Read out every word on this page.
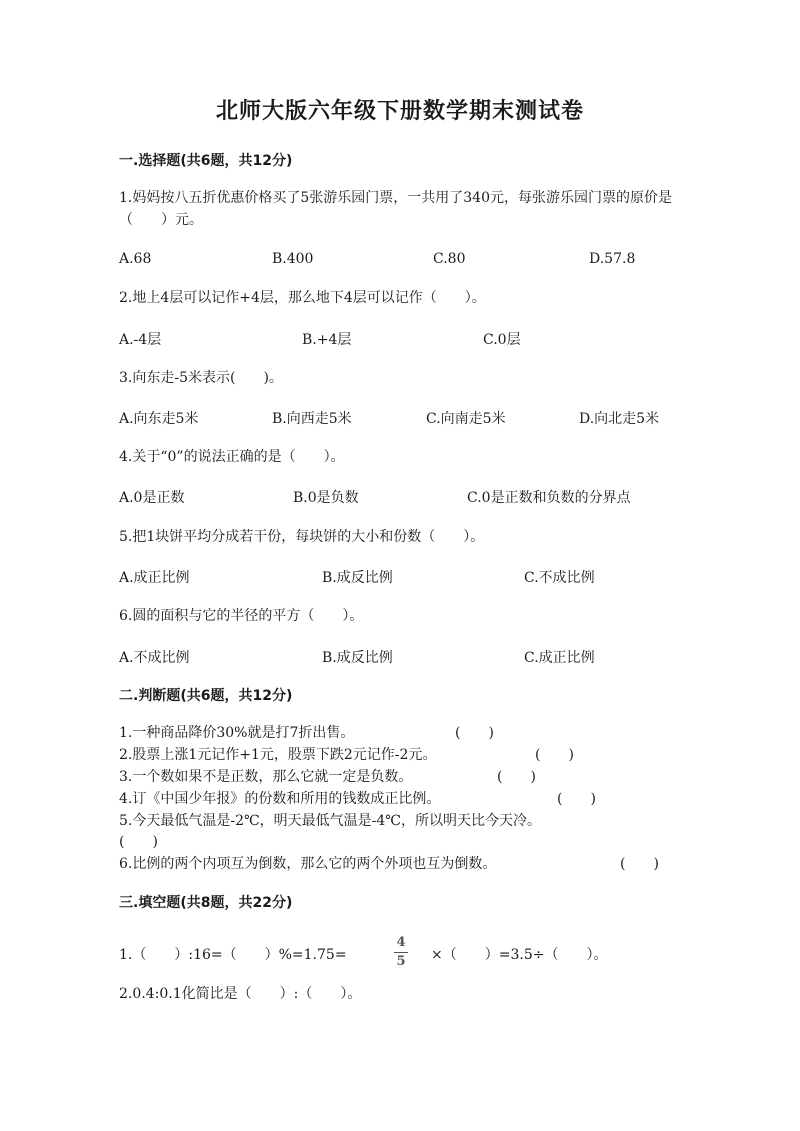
北师大版六年级下册数学期末测试卷
一.选择题(共6题，共12分)
1.妈妈按八五折优惠价格买了5张游乐园门票，一共用了340元，每张游乐园门票的原价是（　　）元。
A.68	B.400	C.80	D.57.8
2.地上4层可以记作+4层，那么地下4层可以记作（　　）。
A.-4层	B.+4层	C.0层
3.向东走-5米表示(　　)。
A.向东走5米	B.向西走5米	C.向南走5米	D.向北走5米
4.关于“0”的说法正确的是（　　）。
A.0是正数	B.0是负数	C.0是正数和负数的分界点
5.把1块饼平均分成若干份，每块饼的大小和份数（　　）。
A.成正比例	B.成反比例	C.不成比例
6.圆的面积与它的半径的平方（　　）。
A.不成比例	B.成反比例	C.成正比例
二.判断题(共6题，共12分)
1.一种商品降价30%就是打7折出售。	(　　)
2.股票上涨1元记作+1元，股票下跌2元记作-2元。	(　　)
3.一个数如果不是正数，那么它就一定是负数。	(　　)
4.订《中国少年报》的份数和所用的钱数成正比例。	(　　)
5.今天最低气温是-2℃，明天最低气温是-4℃，所以明天比今天冷。
(　　)
6.比例的两个内项互为倒数，那么它的两个外项也互为倒数。	(　　)
三.填空题(共8题，共22分)
1.（　　）:16=（　　）%=1.75=
4
5	×（　　）=3.5÷（　　）。
2.0.4:0.1化简比是（　　）:（　　）。
